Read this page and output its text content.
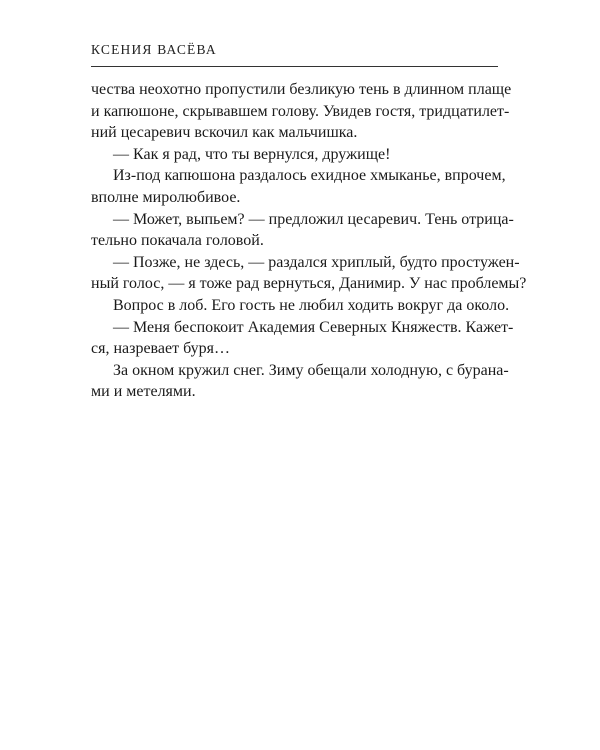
КСЕНИЯ ВАСЁВА
чества неохотно пропустили безликую тень в длинном плаще
и капюшоне, скрывавшем голову. Увидев гостя, тридцатилет-
ний цесаревич вскочил как мальчишка.
— Как я рад, что ты вернулся, дружище!
Из-под капюшона раздалось ехидное хмыканье, впрочем,
вполне миролюбивое.
— Может, выпьем? — предложил цесаревич. Тень отрица-
тельно покачала головой.
— Позже, не здесь, — раздался хриплый, будто простужен-
ный голос, — я тоже рад вернуться, Данимир. У нас проблемы?
Вопрос в лоб. Его гость не любил ходить вокруг да около.
— Меня беспокоит Академия Северных Княжеств. Кажет-
ся, назревает буря…
За окном кружил снег. Зиму обещали холодную, с бурана-
ми и метелями.
